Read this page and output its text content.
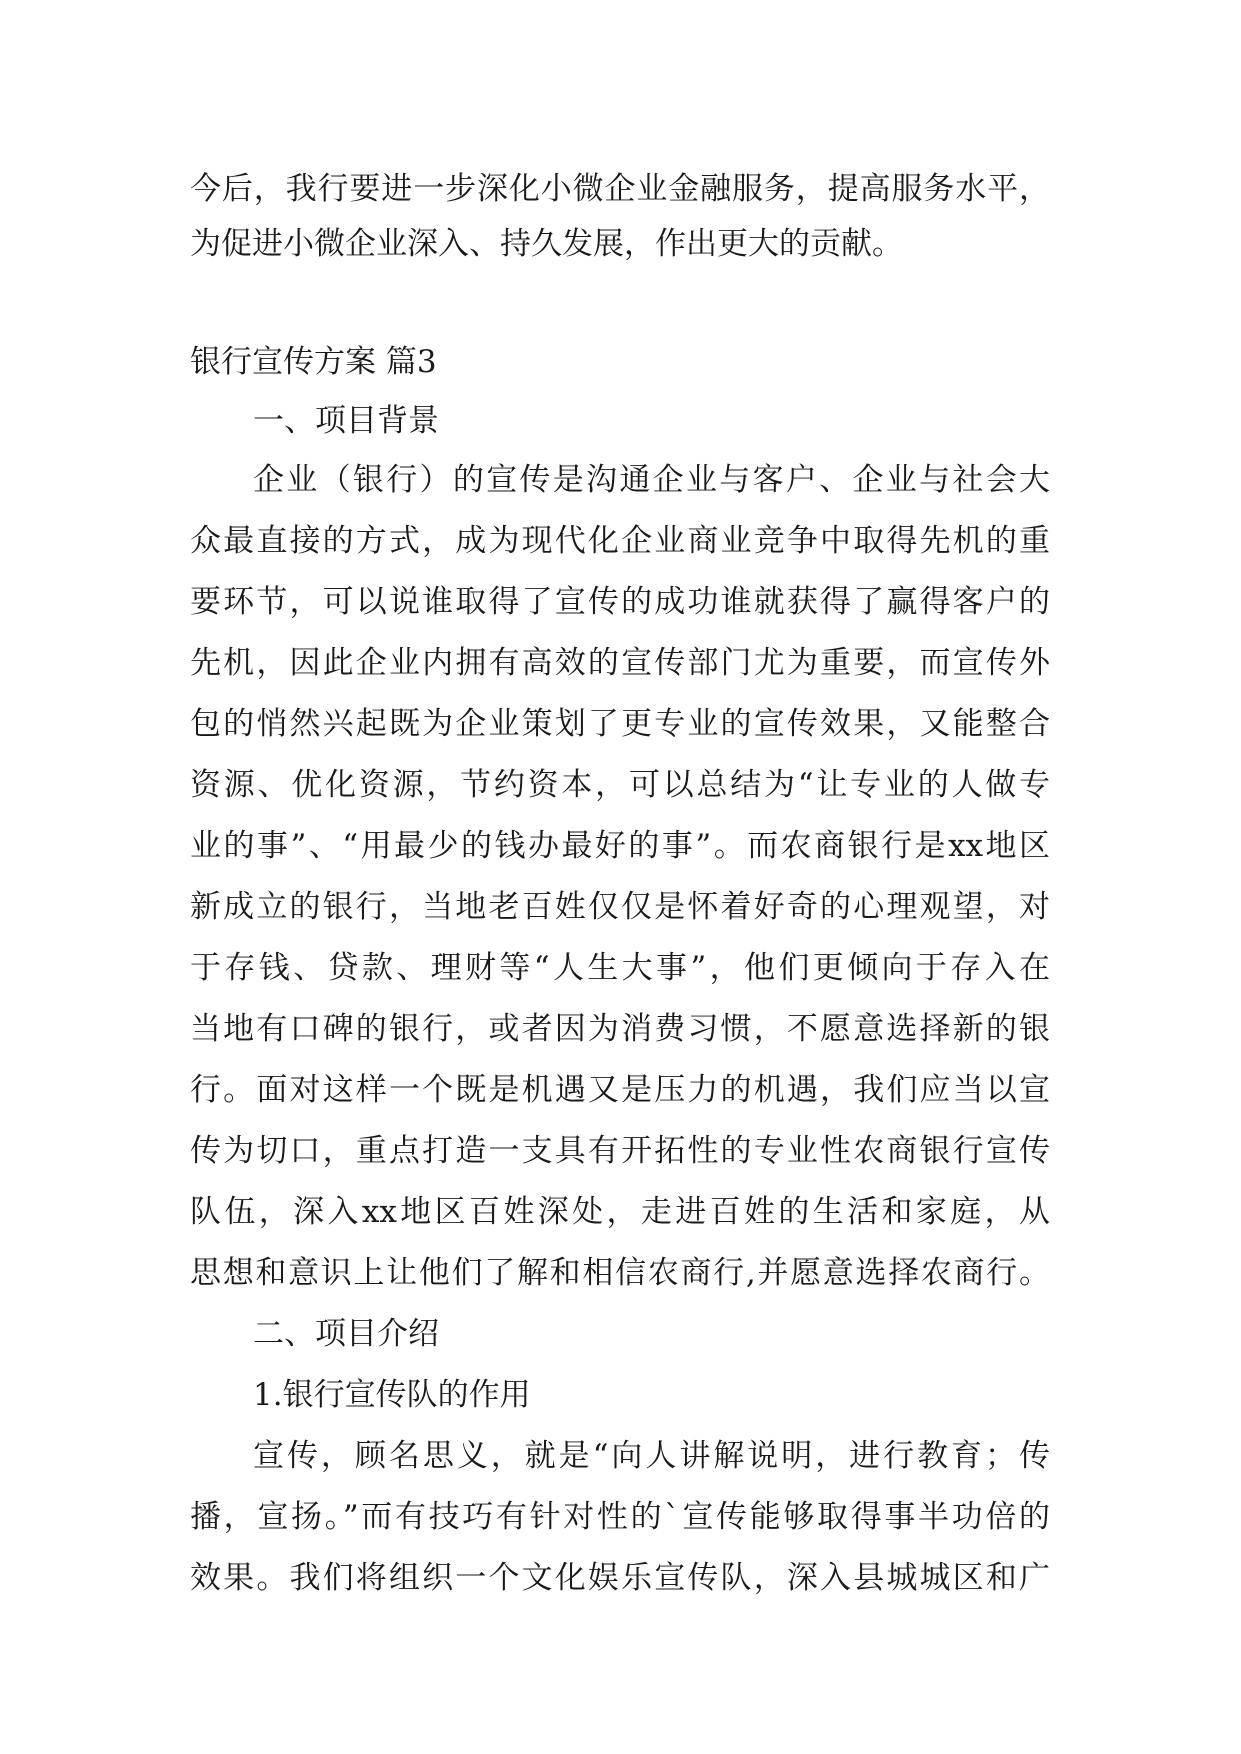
今后，我行要进一步深化小微企业金融服务，提高服务水平，
为促进小微企业深入、持久发展，作出更大的贡献。
银行宣传方案 篇3
一、项目背景
企业（银行）的宣传是沟通企业与客户、企业与社会大
众最直接的方式，成为现代化企业商业竞争中取得先机的重
要环节，可以说谁取得了宣传的成功谁就获得了赢得客户的
先机，因此企业内拥有高效的宣传部门尤为重要，而宣传外
包的悄然兴起既为企业策划了更专业的宣传效果，又能整合
资源、优化资源，节约资本，可以总结为“让专业的人做专
业的事”、“用最少的钱办最好的事”。而农商银行是xx地区
新成立的银行，当地老百姓仅仅是怀着好奇的心理观望，对
于存钱、贷款、理财等“人生大事”，他们更倾向于存入在
当地有口碑的银行，或者因为消费习惯，不愿意选择新的银
行。面对这样一个既是机遇又是压力的机遇，我们应当以宣
传为切口，重点打造一支具有开拓性的专业性农商银行宣传
队伍，深入xx地区百姓深处，走进百姓的生活和家庭，从
思想和意识上让他们了解和相信农商行,并愿意选择农商行。
二、项目介绍
1.银行宣传队的作用
宣传，顾名思义，就是“向人讲解说明，进行教育；传
播，宣扬。”而有技巧有针对性的`宣传能够取得事半功倍的
效果。我们将组织一个文化娱乐宣传队，深入县城城区和广
